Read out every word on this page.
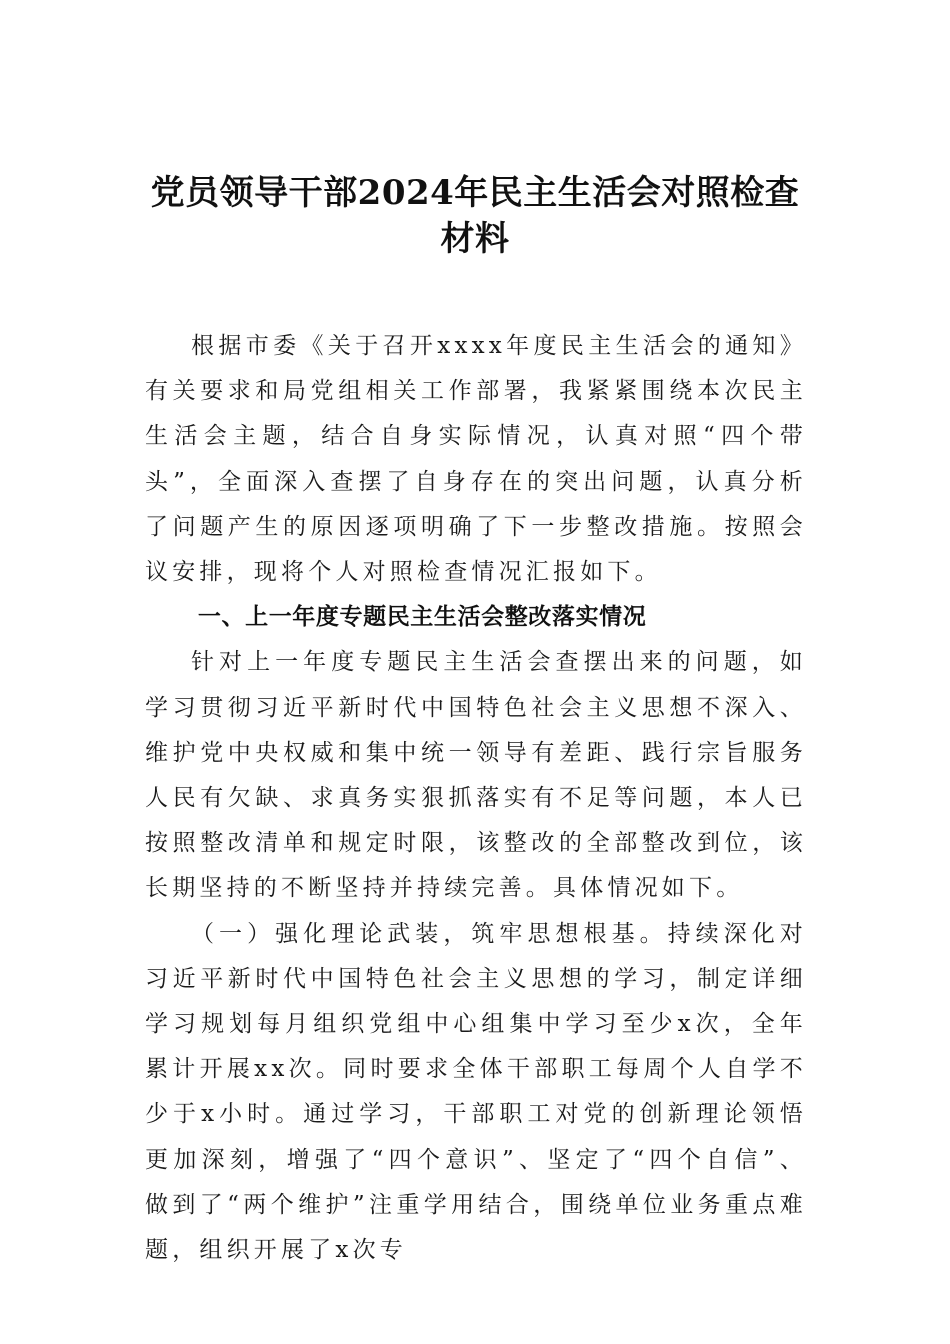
党员领导干部2024年民主生活会对照检查
材料

根据市委《关于召开xxxx年度民主生活会的通知》有关要求和局党组相关工作部署，我紧紧围绕本次民主生活会主题，结合自身实际情况，认真对照“四个带头”，全面深入查摆了自身存在的突出问题，认真分析了问题产生的原因逐项明确了下一步整改措施。按照会议安排，现将个人对照检查情况汇报如下。

一、上一年度专题民主生活会整改落实情况

针对上一年度专题民主生活会查摆出来的问题，如学习贯彻习近平新时代中国特色社会主义思想不深入、维护党中央权威和集中统一领导有差距、践行宗旨服务人民有欠缺、求真务实狠抓落实有不足等问题，本人已按照整改清单和规定时限，该整改的全部整改到位，该长期坚持的不断坚持并持续完善。具体情况如下。

（一）强化理论武装，筑牢思想根基。持续深化对习近平新时代中国特色社会主义思想的学习，制定详细学习规划每月组织党组中心组集中学习至少x次，全年累计开展xx次。同时要求全体干部职工每周个人自学不少于x小时。通过学习，干部职工对党的创新理论领悟更加深刻，增强了“四个意识”、坚定了“四个自信”、做到了“两个维护”注重学用结合，围绕单位业务重点难题，组织开展了x次专
